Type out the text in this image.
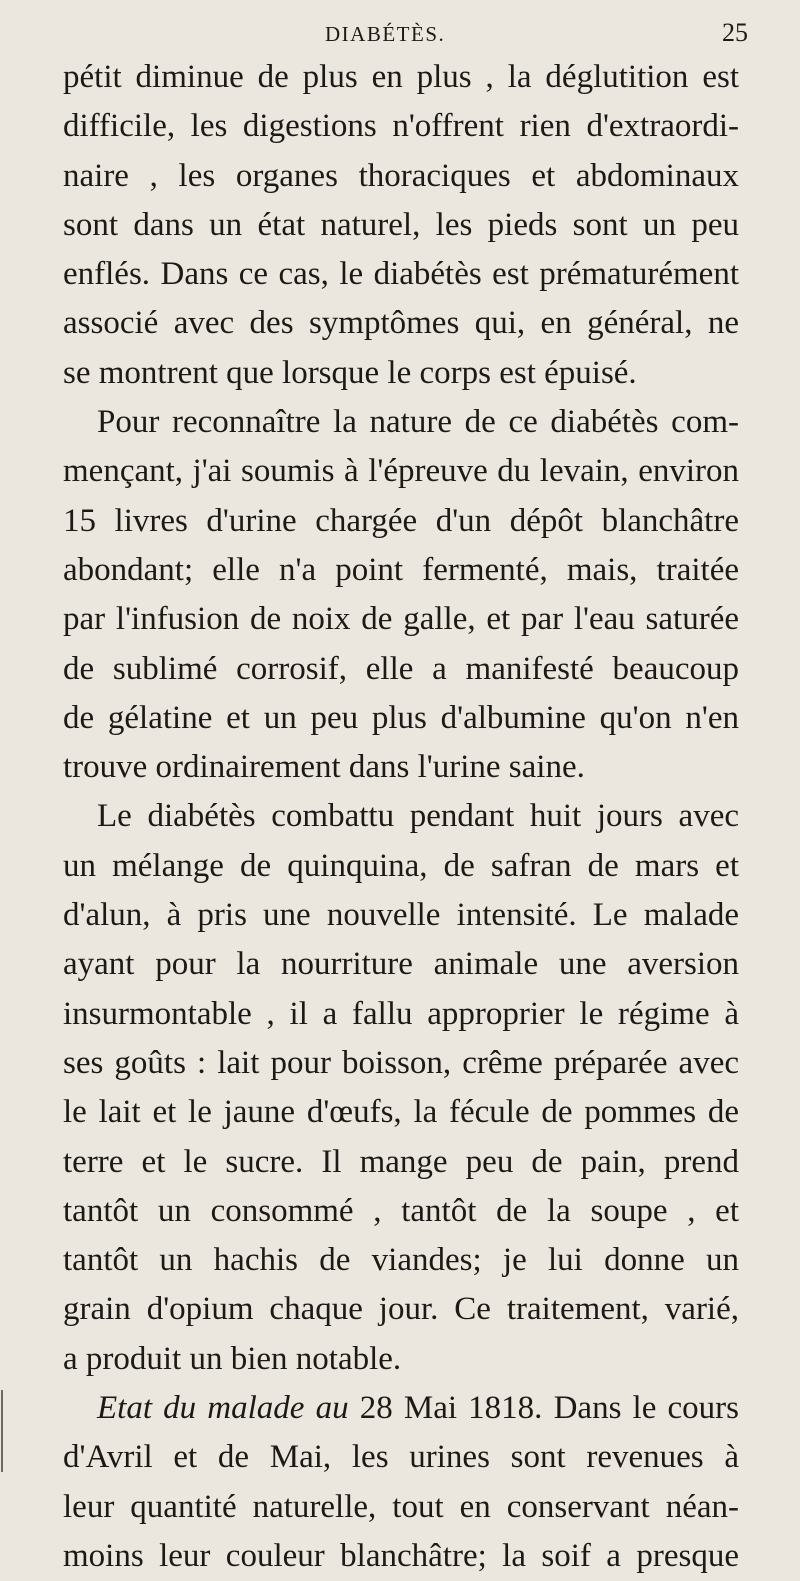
DIABÉTÈS.	25
pétit diminue de plus en plus , la déglutition est
difficile, les digestions n'offrent rien d'extraordi-
naire , les organes thoraciques et abdominaux
sont dans un état naturel, les pieds sont un peu
enflés. Dans ce cas, le diabétès est prématurément
associé avec des symptômes qui, en général, ne
se montrent que lorsque le corps est épuisé.
Pour reconnaître la nature de ce diabétès com-
mençant, j'ai soumis à l'épreuve du levain, environ
15 livres d'urine chargée d'un dépôt blanchâtre
abondant; elle n'a point fermenté, mais, traitée
par l'infusion de noix de galle, et par l'eau saturée
de sublimé corrosif, elle a manifesté beaucoup
de gélatine et un peu plus d'albumine qu'on n'en
trouve ordinairement dans l'urine saine.
Le diabétès combattu pendant huit jours avec
un mélange de quinquina, de safran de mars et
d'alun, à pris une nouvelle intensité. Le malade
ayant pour la nourriture animale une aversion
insurmontable , il a fallu approprier le régime à
ses goûts : lait pour boisson, crême préparée avec
le lait et le jaune d'œufs, la fécule de pommes de
terre et le sucre. Il mange peu de pain, prend
tantôt un consommé , tantôt de la soupe , et
tantôt un hachis de viandes; je lui donne un
grain d'opium chaque jour. Ce traitement, varié,
a produit un bien notable.
Etat du malade au 28 Mai 1818. Dans le cours
d'Avril et de Mai, les urines sont revenues à
leur quantité naturelle, tout en conservant néan-
moins leur couleur blanchâtre; la soif a presque
